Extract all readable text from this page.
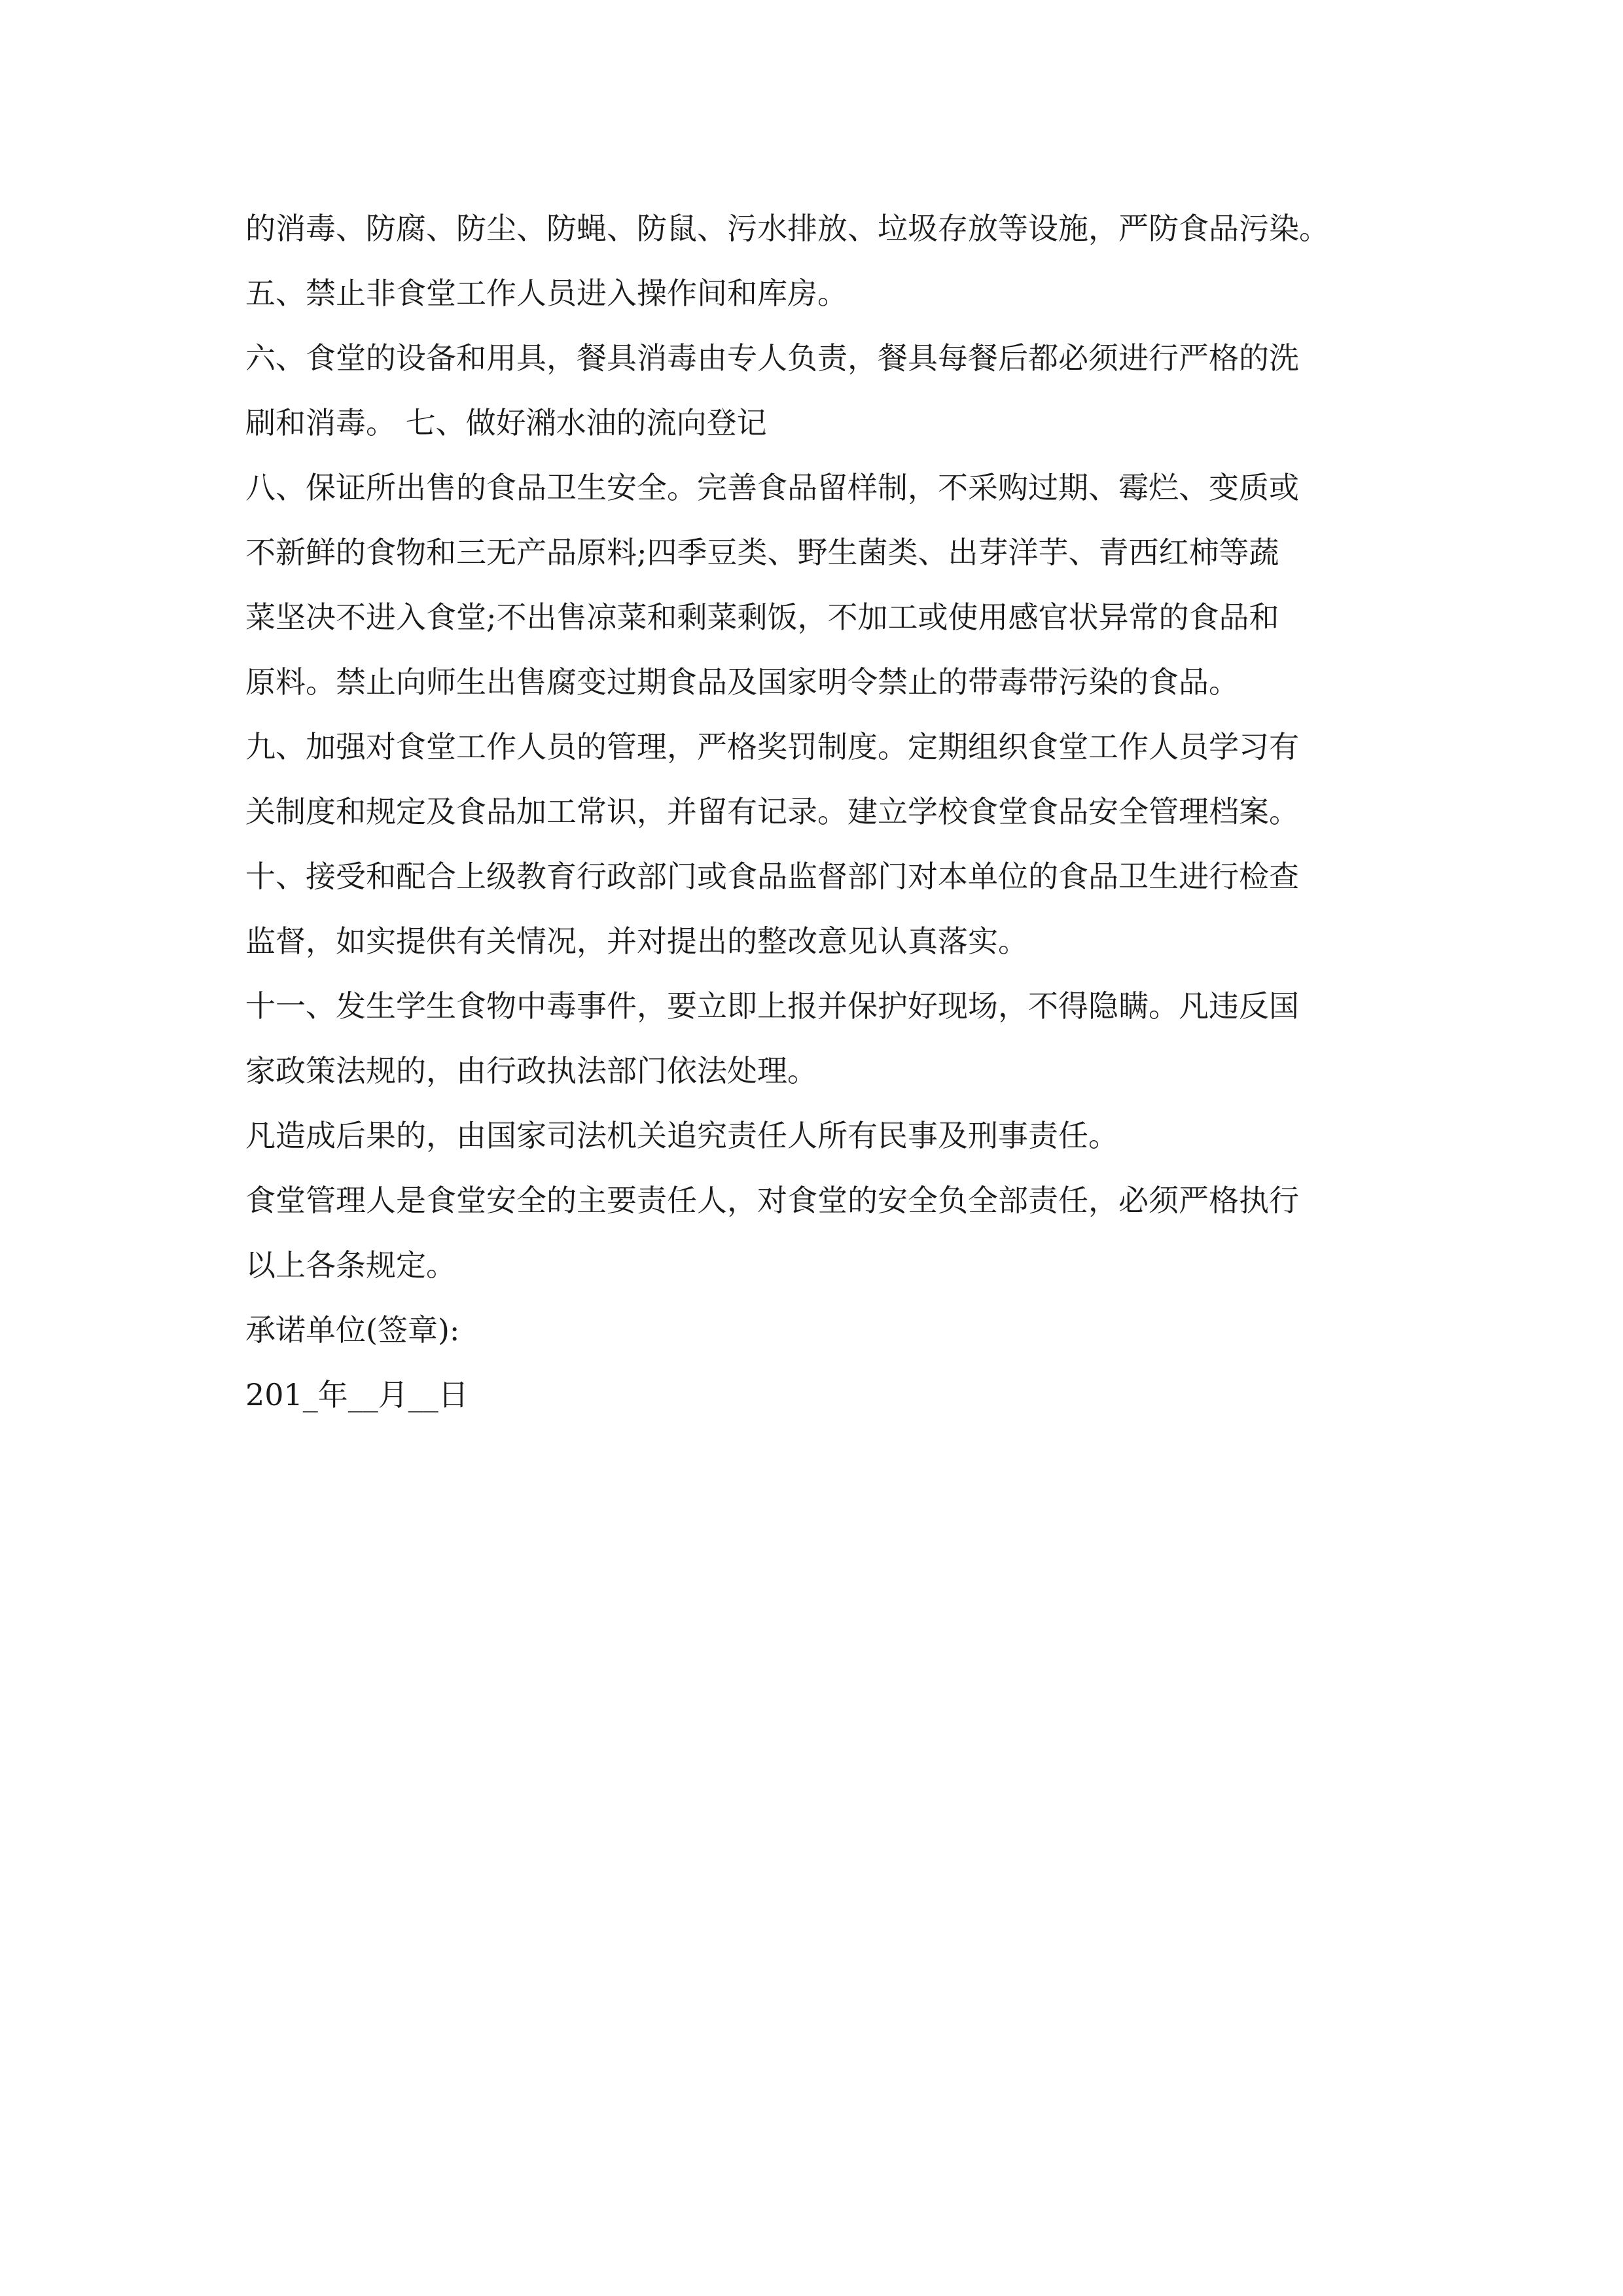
的消毒、防腐、防尘、防蝇、防鼠、污水排放、垃圾存放等设施，严防食品污染。
五、禁止非食堂工作人员进入操作间和库房。
六、食堂的设备和用具，餐具消毒由专人负责，餐具每餐后都必须进行严格的洗
刷和消毒。 七、做好潲水油的流向登记
八、保证所出售的食品卫生安全。完善食品留样制，不采购过期、霉烂、变质或
不新鲜的食物和三无产品原料;四季豆类、野生菌类、出芽洋芋、青西红柿等蔬
菜坚决不进入食堂;不出售凉菜和剩菜剩饭，不加工或使用感官状异常的食品和
原料。禁止向师生出售腐变过期食品及国家明令禁止的带毒带污染的食品。
九、加强对食堂工作人员的管理，严格奖罚制度。定期组织食堂工作人员学习有
关制度和规定及食品加工常识，并留有记录。建立学校食堂食品安全管理档案。
十、接受和配合上级教育行政部门或食品监督部门对本单位的食品卫生进行检查
监督，如实提供有关情况，并对提出的整改意见认真落实。
十一、发生学生食物中毒事件，要立即上报并保护好现场，不得隐瞒。凡违反国
家政策法规的，由行政执法部门依法处理。
凡造成后果的，由国家司法机关追究责任人所有民事及刑事责任。
食堂管理人是食堂安全的主要责任人，对食堂的安全负全部责任，必须严格执行
以上各条规定。
承诺单位(签章):
201_年__月__日
